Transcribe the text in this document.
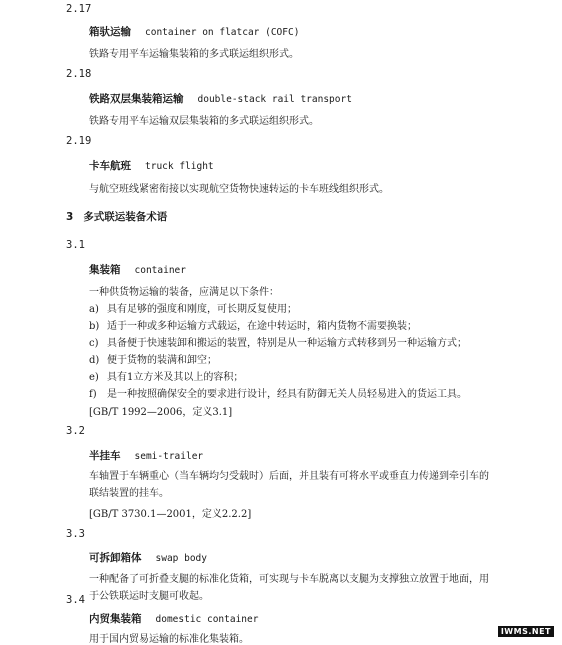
2.17
箱驮运输 container on flatcar (COFC)
铁路专用平车运输集装箱的多式联运组织形式。
2.18
铁路双层集装箱运输 double-stack rail transport
铁路专用平车运输双层集装箱的多式联运组织形式。
2.19
卡车航班 truck flight
与航空班线紧密衔接以实现航空货物快速转运的卡车班线组织形式。
3 多式联运装备术语
3.1
集装箱 container
一种供货物运输的装备，应满足以下条件：
a) 具有足够的强度和刚度，可长期反复使用；
b) 适于一种或多种运输方式载运，在途中转运时，箱内货物不需要换装；
c) 具备便于快速装卸和搬运的装置，特别是从一种运输方式转移到另一种运输方式；
d) 便于货物的装满和卸空；
e) 具有1立方米及其以上的容积；
f) 是一种按照确保安全的要求进行设计，经具有防御无关人员轻易进入的货运工具。
[GB/T 1992—2006，定义3.1]
3.2
半挂车 semi-trailer
车轴置于车辆重心（当车辆均匀受载时）后面，并且装有可将水平或垂直力传递到牵引车的联结装置的挂车。
[GB/T 3730.1—2001，定义2.2.2]
3.3
可拆卸箱体 swap body
一种配备了可折叠支腿的标准化货箱，可实现与卡车脱离以支腿为支撑独立放置于地面，用于公铁联运时支腿可收起。
3.4
内贸集装箱 domestic container
用于国内贸易运输的标准化集装箱。
IWMS.NET
